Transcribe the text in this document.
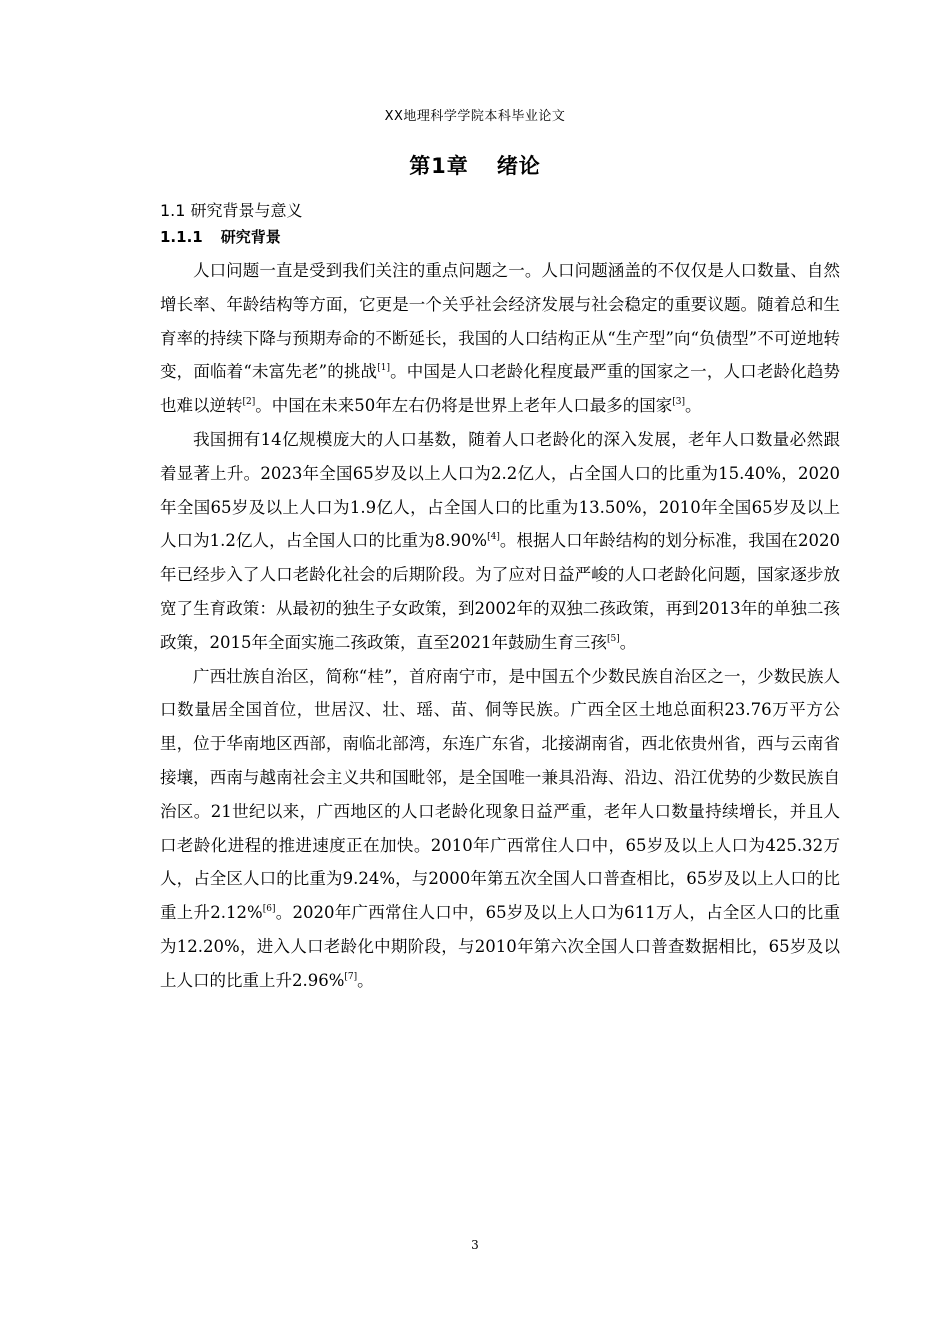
XX地理科学学院本科毕业论文
第1章 绪论
1.1 研究背景与意义
1.1.1 研究背景

人口问题一直是受到我们关注的重点问题之一。人口问题涵盖的不仅仅是人口数量、自然增长率、年龄结构等方面，它更是一个关乎社会经济发展与社会稳定的重要议题。随着总和生育率的持续下降与预期寿命的不断延长，我国的人口结构正从“生产型”向“负债型”不可逆地转变，面临着“未富先老”的挑战[1]。中国是人口老龄化程度最严重的国家之一，人口老龄化趋势也难以逆转[2]。中国在未来50年左右仍将是世界上老年人口最多的国家[3]。

我国拥有14亿规模庞大的人口基数，随着人口老龄化的深入发展，老年人口数量必然跟着显著上升。2023年全国65岁及以上人口为2.2亿人，占全国人口的比重为15.40%，2020年全国65岁及以上人口为1.9亿人，占全国人口的比重为13.50%，2010年全国65岁及以上人口为1.2亿人，占全国人口的比重为8.90%[4]。根据人口年龄结构的划分标准，我国在2020年已经步入了人口老龄化社会的后期阶段。为了应对日益严峻的人口老龄化问题，国家逐步放宽了生育政策：从最初的独生子女政策，到2002年的双独二孩政策，再到2013年的单独二孩政策，2015年全面实施二孩政策，直至2021年鼓励生育三孩[5]。

广西壮族自治区，简称“桂”，首府南宁市，是中国五个少数民族自治区之一，少数民族人口数量居全国首位，世居汉、壮、瑶、苗、侗等民族。广西全区土地总面积23.76万平方公里，位于华南地区西部，南临北部湾，东连广东省，北接湖南省，西北依贵州省，西与云南省接壤，西南与越南社会主义共和国毗邻，是全国唯一兼具沿海、沿边、沿江优势的少数民族自治区。21世纪以来，广西地区的人口老龄化现象日益严重，老年人口数量持续增长，并且人口老龄化进程的推进速度正在加快。2010年广西常住人口中，65岁及以上人口为425.32万人，占全区人口的比重为9.24%，与2000年第五次全国人口普查相比，65岁及以上人口的比重上升2.12%[6]。2020年广西常住人口中，65岁及以上人口为611万人，占全区人口的比重为12.20%，进入人口老龄化中期阶段，与2010年第六次全国人口普查数据相比，65岁及以上人口的比重上升2.96%[7]。

3
